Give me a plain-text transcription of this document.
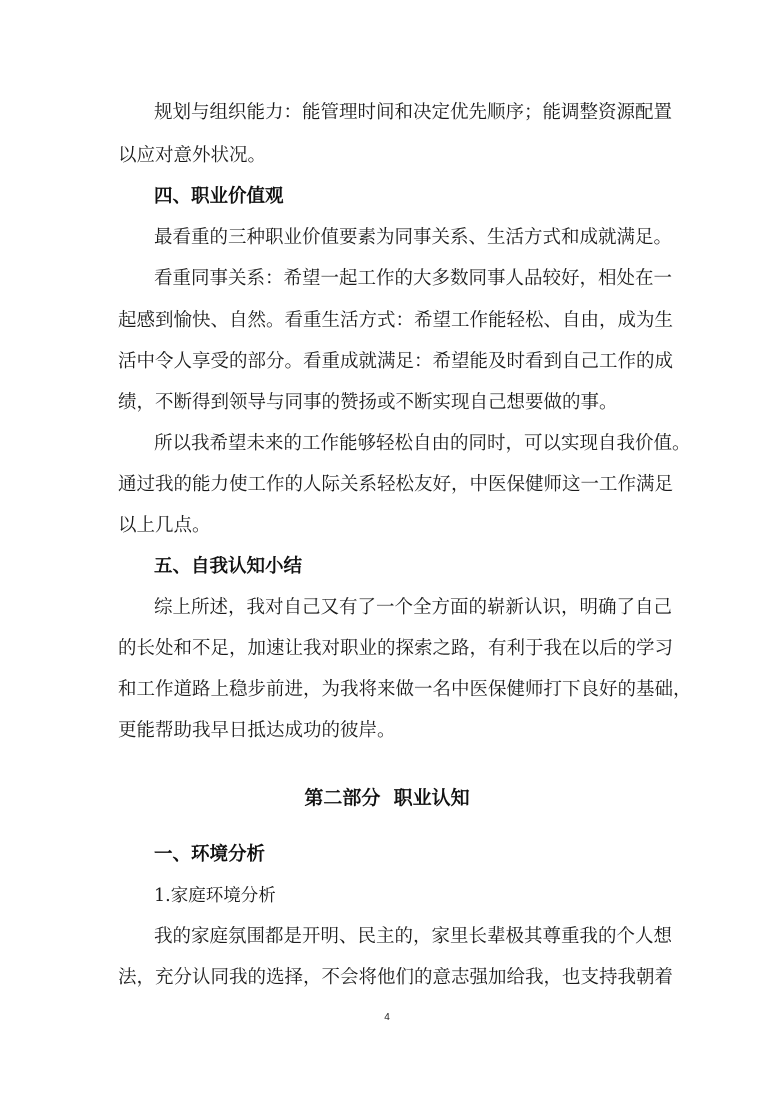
规划与组织能力：能管理时间和决定优先顺序；能调整资源配置
以应对意外状况。
四、职业价值观
最看重的三种职业价值要素为同事关系、生活方式和成就满足。
看重同事关系：希望一起工作的大多数同事人品较好，相处在一
起感到愉快、自然。看重生活方式：希望工作能轻松、自由，成为生
活中令人享受的部分。看重成就满足：希望能及时看到自己工作的成
绩，不断得到领导与同事的赞扬或不断实现自己想要做的事。
所以我希望未来的工作能够轻松自由的同时，可以实现自我价值。
通过我的能力使工作的人际关系轻松友好，中医保健师这一工作满足
以上几点。
五、自我认知小结
综上所述，我对自己又有了一个全方面的崭新认识，明确了自己
的长处和不足，加速让我对职业的探索之路，有利于我在以后的学习
和工作道路上稳步前进，为我将来做一名中医保健师打下良好的基础，
更能帮助我早日抵达成功的彼岸。
第二部分  职业认知
一、环境分析
1.家庭环境分析
我的家庭氛围都是开明、民主的，家里长辈极其尊重我的个人想
法，充分认同我的选择，不会将他们的意志强加给我，也支持我朝着
4
